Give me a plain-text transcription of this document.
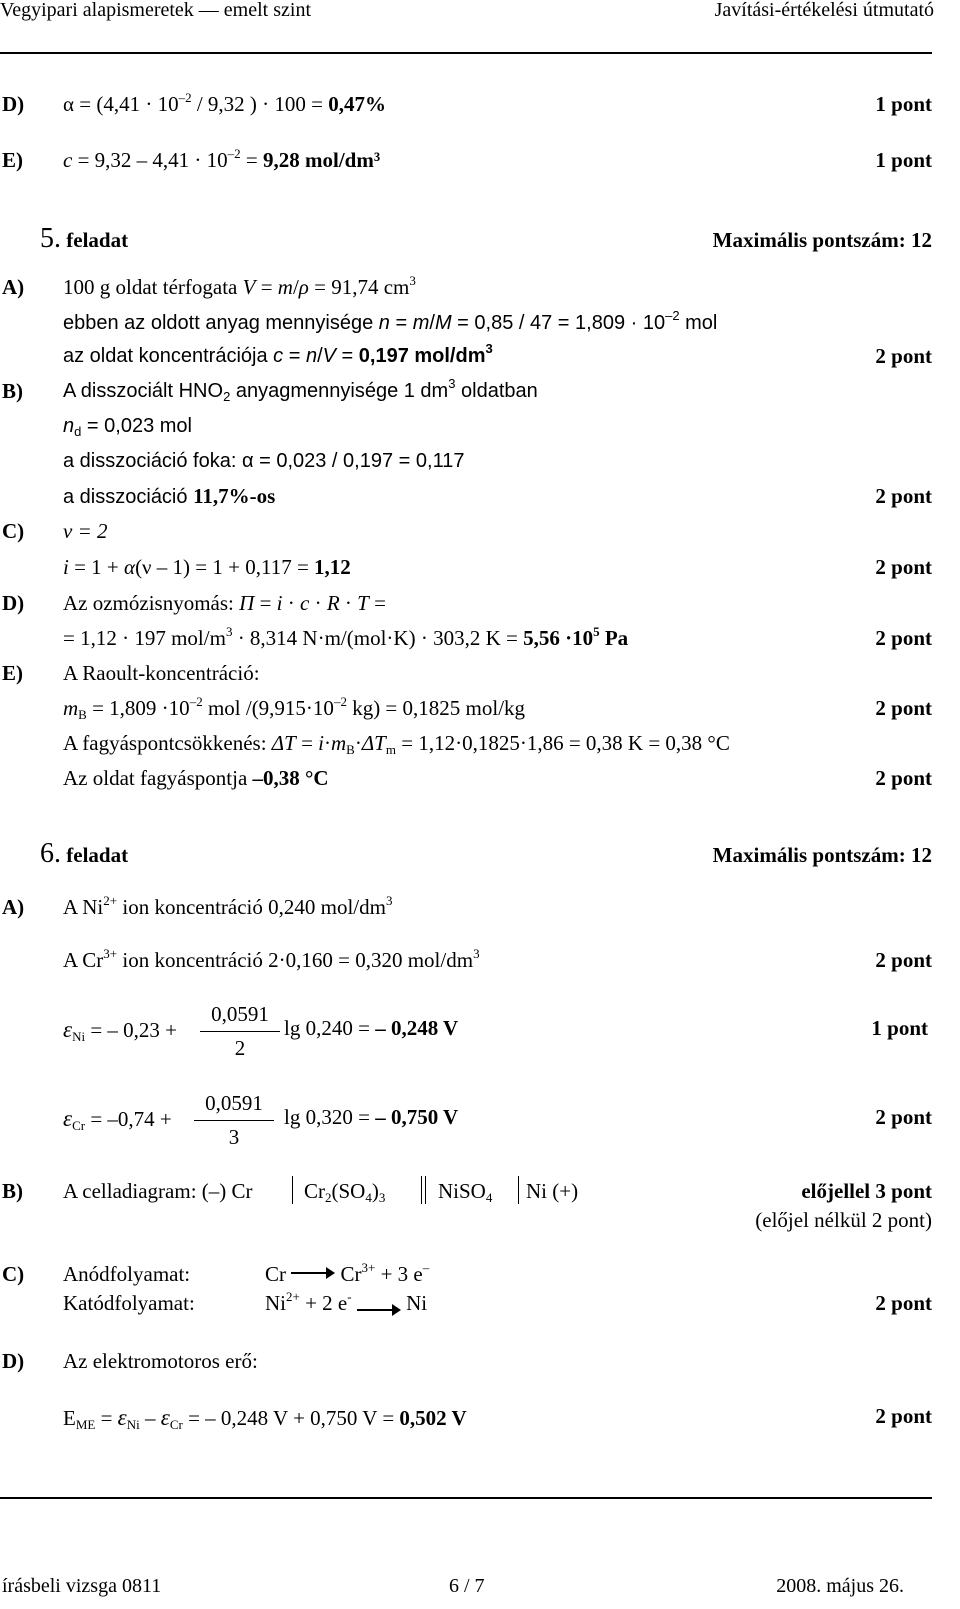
Vegyipari alapismeretek — emelt szint	Javítási-értékelési útmutató
D) $\alpha = (4,41 \cdot 10^{-2} / 9,32$ ) · 100 = 0,47%	1 pont
E) $c = 9,32 - 4,41 \cdot 10^{-2} = 9,28$ mol/dm³	1 pont
5. feladat	Maximális pontszám: 12
A) 100 g oldat térfogata V = m/ρ = 91,74 $cm^3$
ebben az oldott anyag mennyisége $n = m/M = 0,85 / 47 = 1,809 \cdot 10^{-2}$ mol
az oldat koncentrációja c = n/V = 0,197 mol/$dm^3$	2 pont
B) A disszociált $HNO_2$ anyagmennyisége 1 $dm^3$ oldatban
$n_d = 0,023$ mol
a disszociáció foka: α = 0,023 / 0,197 = 0,117
a disszociáció 11,7%-os	2 pont
C) ν = 2
i = 1 + α(ν – 1) = 1 + 0,117 = 1,12	2 pont
D) Az ozmózisnyomás: Π = i · c · R · T =
= 1,12 · 197 mol/$m^3 \cdot 8,314$ N·m/(mol·K) · 303,2 $K = 5,56 \cdot 10^5$ Pa	2 pont
E) A Raoult-koncentráció:
$m_B = 1,809 \cdot 10^{-2}$ mol $/(9,915\cdot 10^{-2}$ kg) = 0,1825 mol/kg	2 pont
A fagyáspontcsökkenés: $\Delta T = i\cdot m_B\cdot\Delta T_m = 1,12\cdot 0,1825\cdot 1,86 = 0,38$ K = 0,38 °C
Az oldat fagyáspontja –0,38 °C	2 pont
6. feladat	Maximális pontszám: 12
A) A $Ni^{2+}$ ion koncentráció 0,240 mol/$dm^3$
A $Cr^{3+}$ ion koncentráció 2·0,160 = 0,320 mol/$dm^3$	2 pont
$\varepsilon_{Ni}$ = – 0,23 +
0,0591
2
lg 0,240 = – 0,248 V	1 pont
$\varepsilon_{Cr} = -0,74$ +
0,0591
3
lg 0,320 = – 0,750 V	2 pont
B) A celladiagram: (–) Cr $Cr_2(SO_4)_3$	NiSO$_4$ Ni (+)	előjellel 3 pont
(előjel nélkül 2 pont)
C) Anódfolyamat:	Cr	$Cr^{3+} + 3$ e–
Katódfolyamat:	$Ni^{2+} + 2$ e-	Ni	2 pont
D) Az elektromotoros erő:
$E_{ME} = \varepsilon_{Ni} - \varepsilon_{Cr}$ = – 0,248 V + 0,750 V = 0,502 V	2 pont
írásbeli vizsga 0811	6 / 7	2008. május 26.
